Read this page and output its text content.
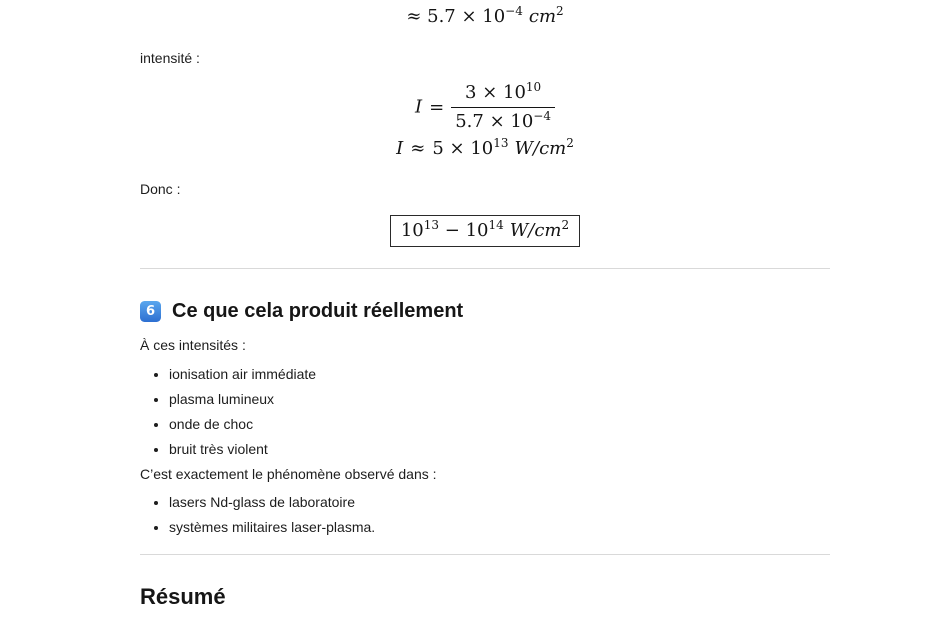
≈ $5.7 \times 10^{-4}$ $cm^2$

intensité :

$I = \frac{3 \times 10^{10}}{5.7 \times 10^{-4}}$
$I \approx 5 \times 10^{13}$ $W/cm^2$

Donc :

$10^{13} - 10^{14}$ $W/cm^2$
6 Ce que cela produit réellement

À ces intensités :

• ionisation air immédiate
• plasma lumineux
• onde de choc
• bruit très violent

C’est exactement le phénomène observé dans :

• lasers Nd-glass de laboratoire
• systèmes militaires laser-plasma.
Résumé
